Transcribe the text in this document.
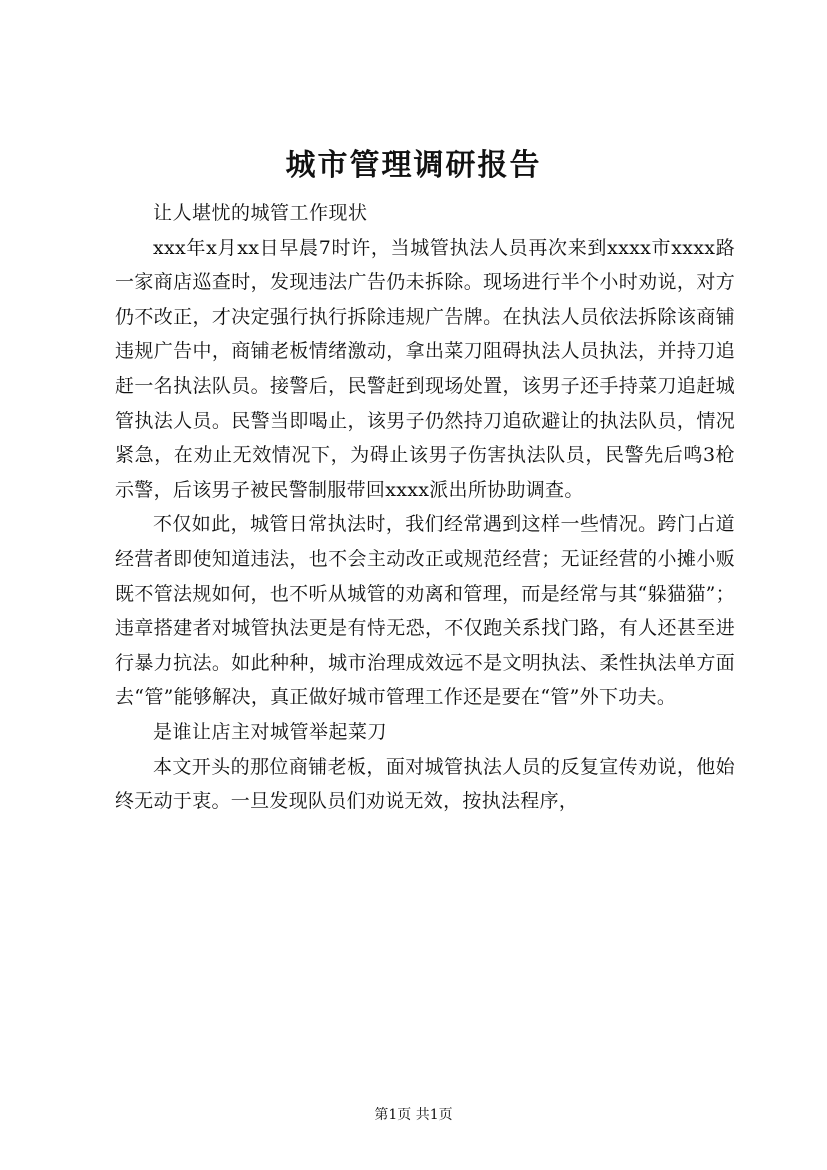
城市管理调研报告

让人堪忧的城管工作现状

xxx年x月xx日早晨7时许，当城管执法人员再次来到xxxx市xxxx路一家商店巡查时，发现违法广告仍未拆除。现场进行半个小时劝说，对方仍不改正，才决定强行执行拆除违规广告牌。在执法人员依法拆除该商铺违规广告中，商铺老板情绪激动，拿出菜刀阻碍执法人员执法，并持刀追赶一名执法队员。接警后，民警赶到现场处置，该男子还手持菜刀追赶城管执法人员。民警当即喝止，该男子仍然持刀追砍避让的执法队员，情况紧急，在劝止无效情况下，为碍止该男子伤害执法队员，民警先后鸣3枪示警，后该男子被民警制服带回xxxx派出所协助调查。

不仅如此，城管日常执法时，我们经常遇到这样一些情况。跨门占道经营者即使知道违法，也不会主动改正或规范经营；无证经营的小摊小贩既不管法规如何，也不听从城管的劝离和管理，而是经常与其“躲猫猫”；违章搭建者对城管执法更是有恃无恐，不仅跑关系找门路，有人还甚至进行暴力抗法。如此种种，城市治理成效远不是文明执法、柔性执法单方面去“管”能够解决，真正做好城市管理工作还是要在“管”外下功夫。

是谁让店主对城管举起菜刀

本文开头的那位商铺老板，面对城管执法人员的反复宣传劝说，他始终无动于衷。一旦发现队员们劝说无效，按执法程序，

第1页 共1页
